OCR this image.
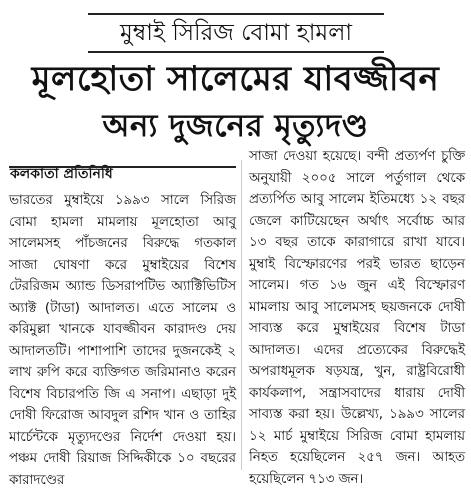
মুম্বাই সিরিজ বোমা হামলা
মূলহোতা সালেমের যাবজ্জীবন
অন্য দুজনের মৃত্যুদণ্ড
কলকাতা প্রতিনিধি

ভারতের মুম্বাইয়ে ১৯৯৩ সালে সিরিজ বোমা হামলা মামলায় মূলহোতা আবু সালেমসহ পাঁচজনের বিরুদ্ধে গতকাল সাজা ঘোষণা করে মুম্বাইয়ের বিশেষ টেররিজম অ্যান্ড ডিসরাপটিভ অ্যাক্টিভিটিস অ্যাক্ট (টাডা) আদালত। এতে সালেম ও করিমুল্লা খানকে যাবজ্জীবন কারাদণ্ড দেয় আদালতটি। পাশাপাশি তাদের দুজনকেই ২ লাখ রুপি করে ব্যক্তিগত জরিমানাও করেন বিশেষ বিচারপতি জি এ সনাপ। এছাড়া দুই দোষী ফিরোজ আবদুল রশিদ খান ও তাহির মার্চেন্টকে মৃত্যুদণ্ডের নির্দেশ দেওয়া হয়। পঞ্চম দোষী রিয়াজ সিদ্দিকীকে ১০ বছরের কারাদণ্ডের

সাজা দেওয়া হয়েছে। বন্দী প্রত্যর্পণ চুক্তি অনুযায়ী ২০০৫ সালে পর্তুগাল থেকে প্রত্যর্পিত আবু সালেম ইতিমধ্যে ১২ বছর জেলে কাটিয়েছেন অর্থাৎ সর্বোচ্চ আর ১৩ বছর তাকে কারাগারে রাখা যাবে। মুম্বাই বিস্ফোরণের পরই ভারত ছাড়েন সালেম। গত ১৬ জুন এই বিস্ফোরণ মামলায় আবু সালেমসহ ছয়জনকে দোষী সাব্যস্ত করে মুম্বাইয়ের বিশেষ টাডা আদালত। এদের প্রত্যেকের বিরুদ্ধেই অপরাধমূলক ষড়যন্ত্র, খুন, রাষ্ট্রবিরোধী কার্যকলাপ, সন্ত্রাসবাদের ধারায় দোষী সাব্যস্ত করা হয়। উল্লেখ্য, ১৯৯৩ সালের ১২ মার্চ মুম্বাইয়ে সিরিজ বোমা হামলায় নিহত হয়েছিলেন ২৫৭ জন। আহত হয়েছিলেন ৭১৩ জন।
